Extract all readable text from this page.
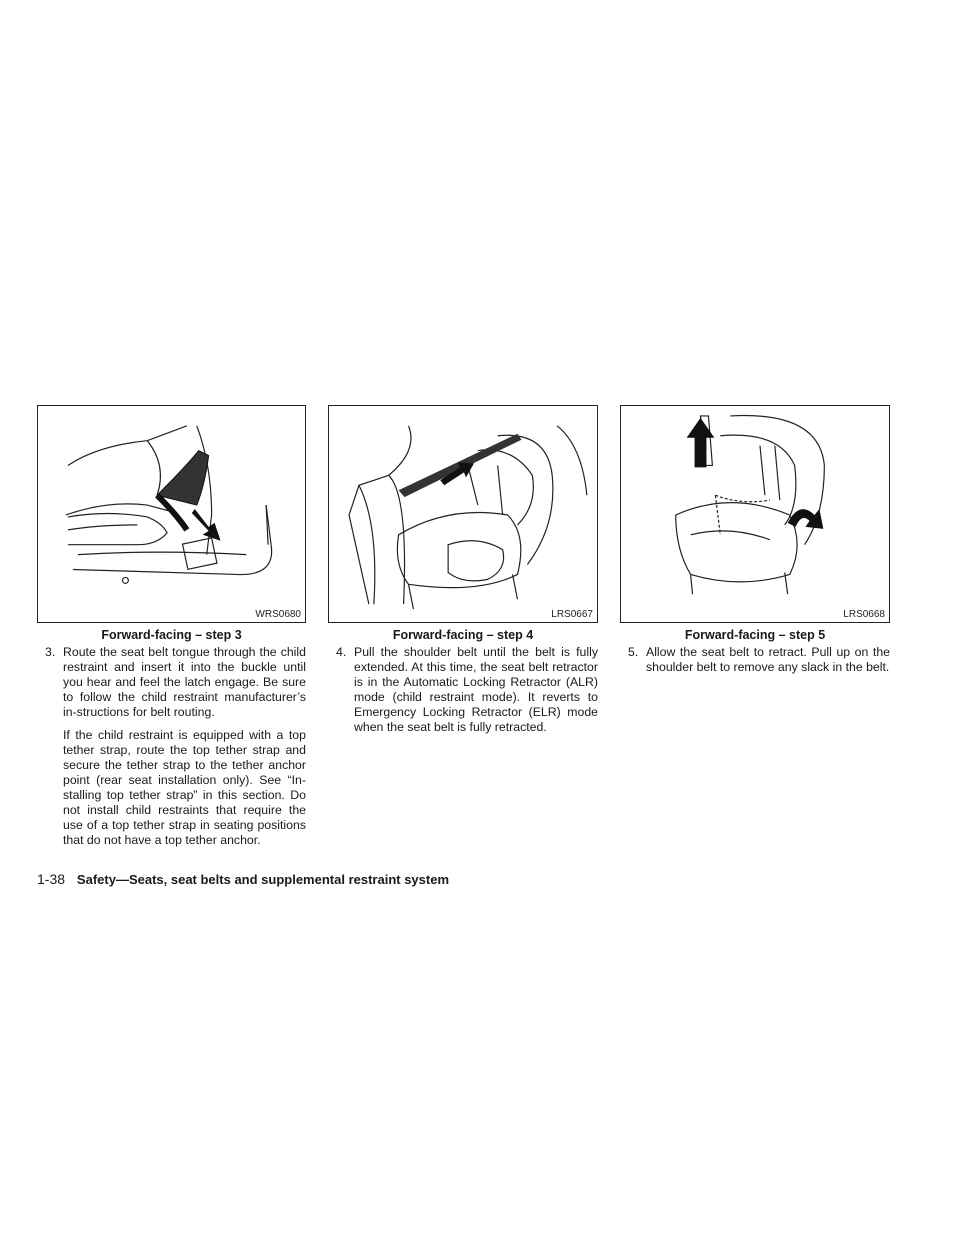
WRS0680
Forward-facing – step 3
3. Route the seat belt tongue through the child restraint and insert it into the buckle until you hear and feel the latch engage. Be sure to follow the child restraint manufacturer’s in-structions for belt routing.
If the child restraint is equipped with a top tether strap, route the top tether strap and secure the tether strap to the tether anchor point (rear seat installation only). See “In-stalling top tether strap” in this section. Do not install child restraints that require the use of a top tether strap in seating positions that do not have a top tether anchor.
LRS0667
Forward-facing – step 4
4. Pull the shoulder belt until the belt is fully extended. At this time, the seat belt retractor is in the Automatic Locking Retractor (ALR) mode (child restraint mode). It reverts to Emergency Locking Retractor (ELR) mode when the seat belt is fully retracted.
LRS0668
Forward-facing – step 5
5. Allow the seat belt to retract. Pull up on the shoulder belt to remove any slack in the belt.
1-38 Safety—Seats, seat belts and supplemental restraint system
